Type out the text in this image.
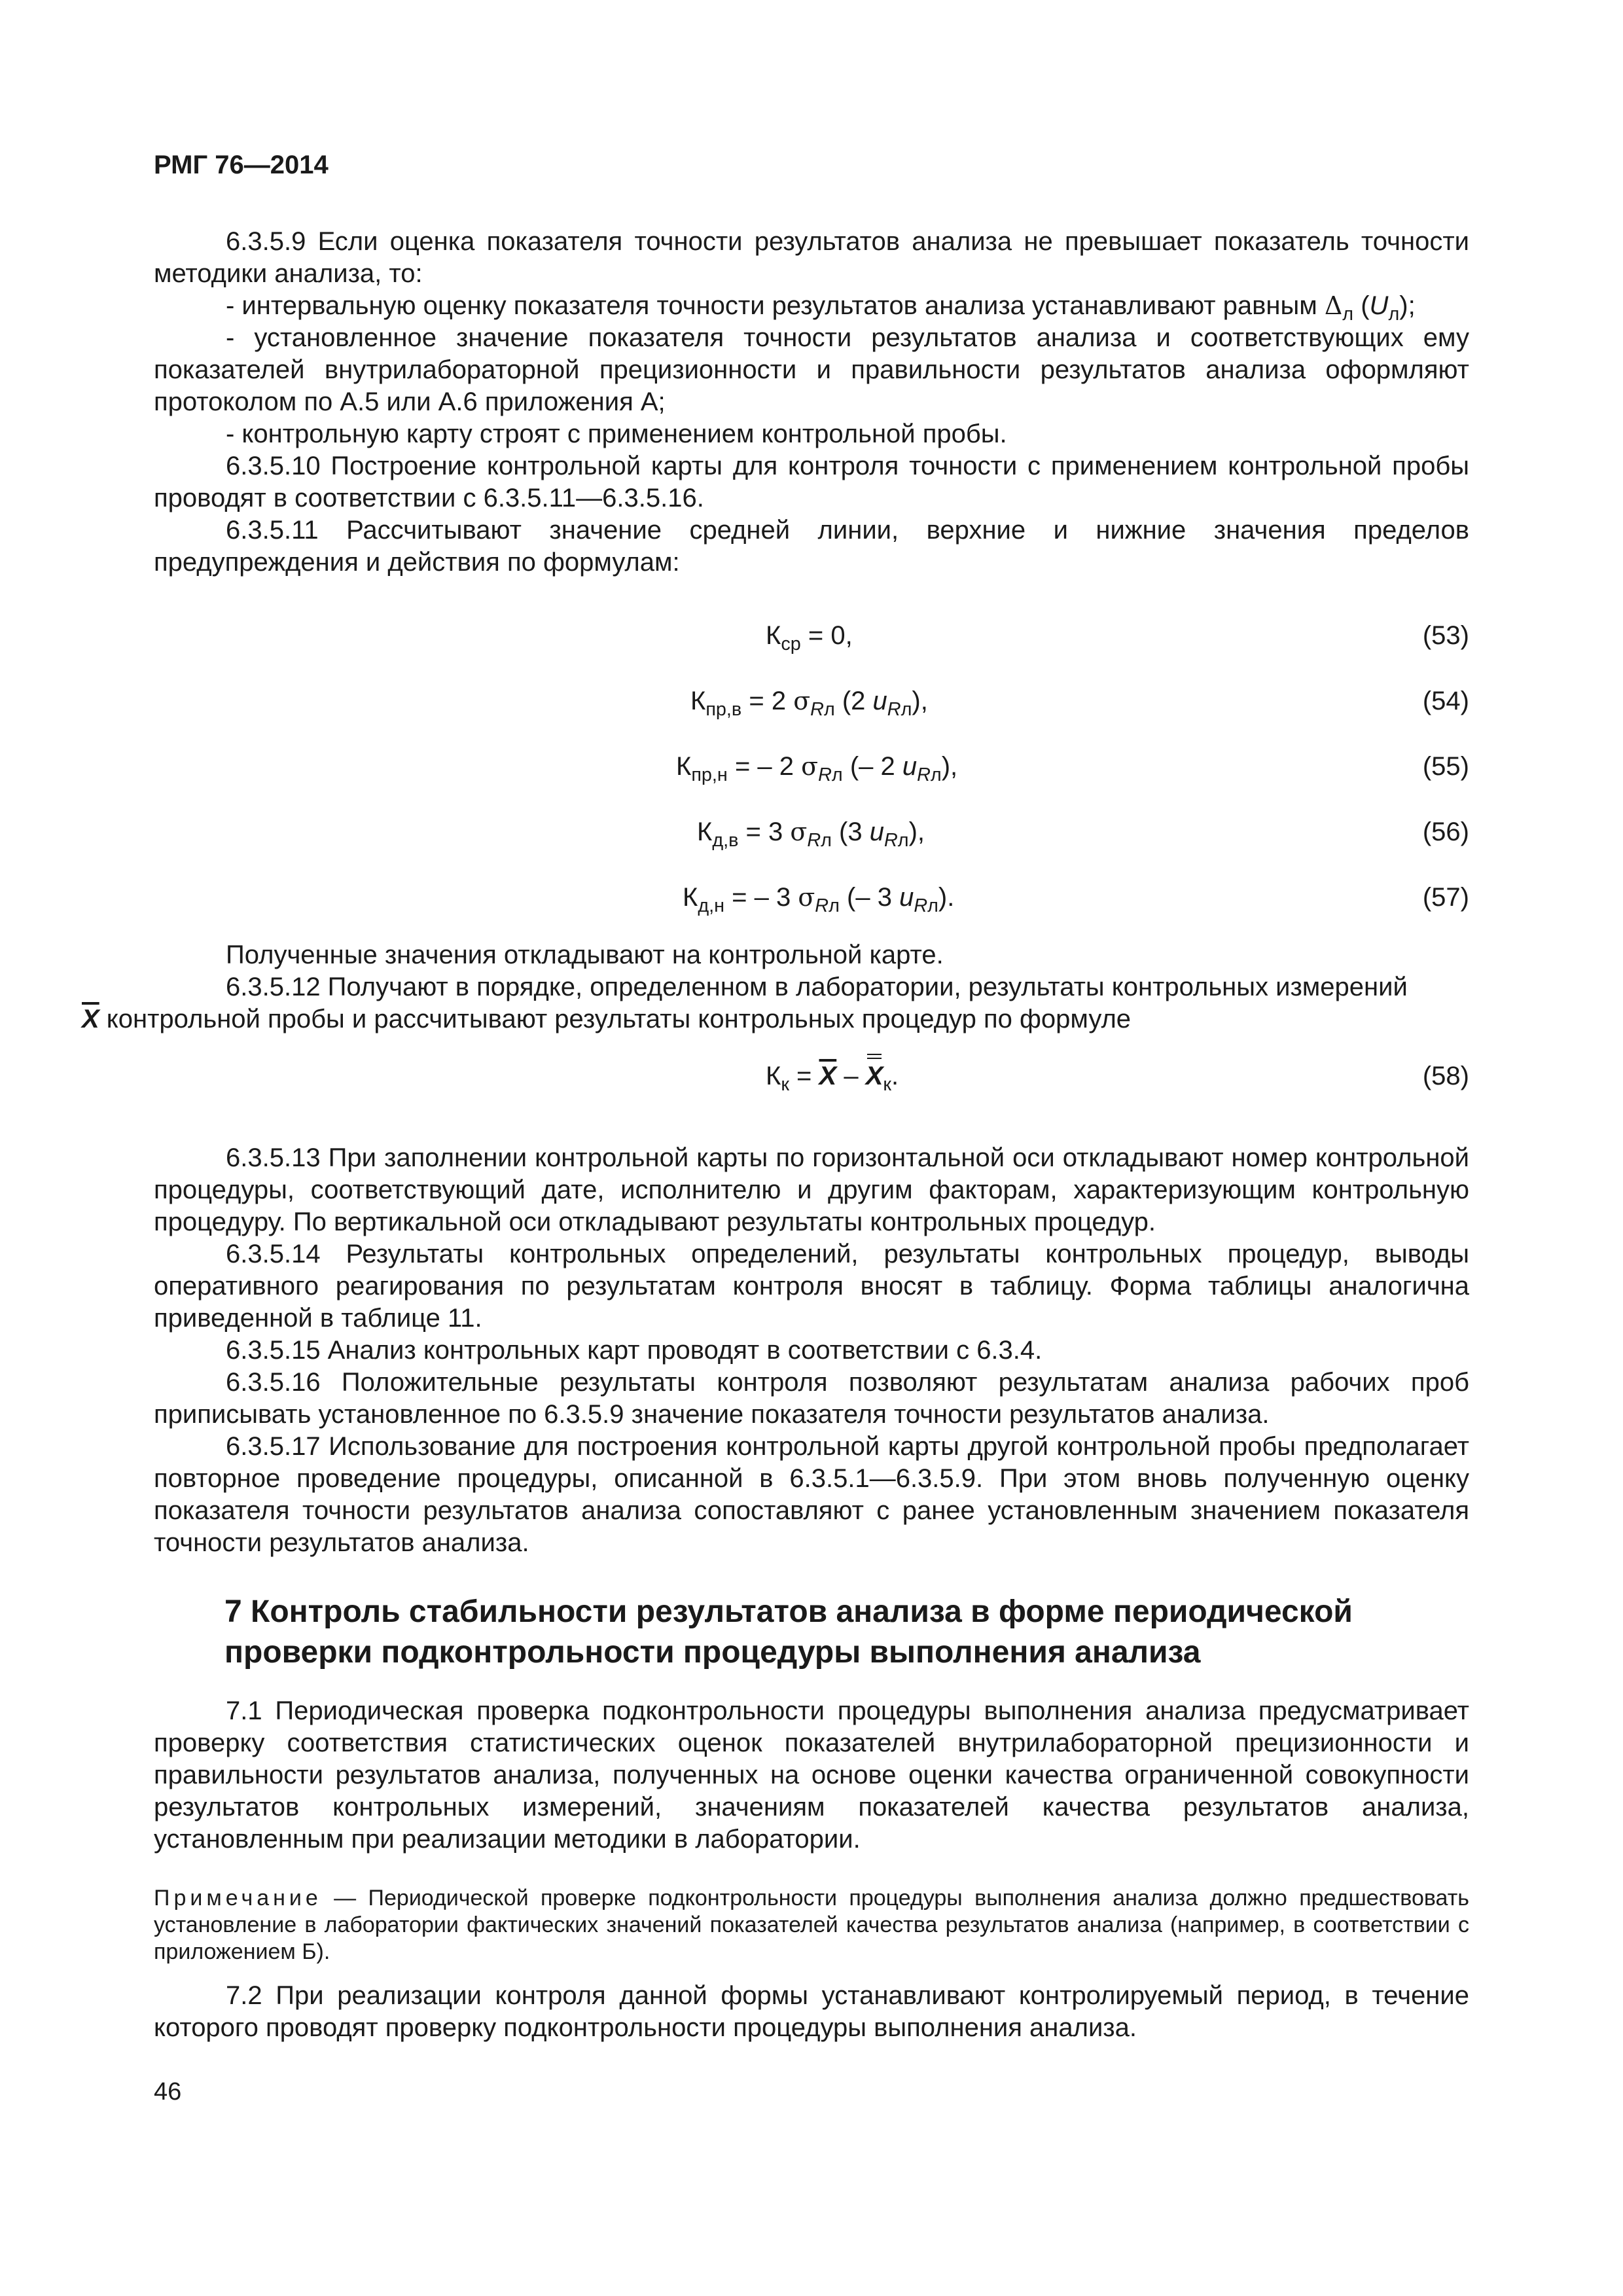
РМГ 76—2014

6.3.5.9 Если оценка показателя точности результатов анализа не превышает показатель точности методики анализа, то:

- интервальную оценку показателя точности результатов анализа устанавливают равным $\Delta_л$ $(U_л)$;

- установленное значение показателя точности результатов анализа и соответствующих ему показателей внутрилабораторной прецизионности и правильности результатов анализа оформляют протоколом по А.5 или А.6 приложения А;

- контрольную карту строят с применением контрольной пробы.

6.3.5.10 Построение контрольной карты для контроля точности с применением контрольной пробы проводят в соответствии с 6.3.5.11—6.3.5.16.

6.3.5.11 Рассчитывают значение средней линии, верхние и нижние значения пределов предупреждения и действия по формулам:

$К_{ср} = 0$,	(53)
$К_{пр,в} = 2$ $\sigma_{Rл}$ (2 $u_{Rл}$),	(54)
$К_{пр,н}$ = – 2 $\sigma_{Rл}$ (– 2 $u_{Rл}$),	(55)
$К_{д,в} = 3$ $\sigma_{Rл}$ (3 $u_{Rл}$),	(56)
$К_{д,н}$ = – 3 $\sigma_{Rл}$ (– 3 $u_{Rл}$).	(57)

Полученные значения откладывают на контрольной карте.

6.3.5.12 Получают в порядке, определенном в лаборатории, результаты контрольных измерений
$\overline{X}$ контрольной пробы и рассчитывают результаты контрольных процедур по формуле

$К_к = \overline{X} - X_к$.	(58)

6.3.5.13 При заполнении контрольной карты по горизонтальной оси откладывают номер контрольной процедуры, соответствующий дате, исполнителю и другим факторам, характеризующим контрольную процедуру. По вертикальной оси откладывают результаты контрольных процедур.

6.3.5.14 Результаты контрольных определений, результаты контрольных процедур, выводы оперативного реагирования по результатам контроля вносят в таблицу. Форма таблицы аналогична приведенной в таблице 11.

6.3.5.15 Анализ контрольных карт проводят в соответствии с 6.3.4.

6.3.5.16 Положительные результаты контроля позволяют результатам анализа рабочих проб приписывать установленное по 6.3.5.9 значение показателя точности результатов анализа.

6.3.5.17 Использование для построения контрольной карты другой контрольной пробы предполагает повторное проведение процедуры, описанной в 6.3.5.1—6.3.5.9. При этом вновь полученную оценку показателя точности результатов анализа сопоставляют с ранее установленным значением показателя точности результатов анализа.

7 Контроль стабильности результатов анализа в форме периодической
проверки подконтрольности процедуры выполнения анализа

7.1 Периодическая проверка подконтрольности процедуры выполнения анализа предусматривает проверку соответствия статистических оценок показателей внутрилабораторной прецизионности и правильности результатов анализа, полученных на основе оценки качества ограниченной совокупности результатов контрольных измерений, значениям показателей качества результатов анализа, установленным при реализации методики в лаборатории.

Примечание — Периодической проверке подконтрольности процедуры выполнения анализа должно предшествовать установление в лаборатории фактических значений показателей качества результатов анализа (например, в соответствии с приложением Б).

7.2 При реализации контроля данной формы устанавливают контролируемый период, в течение которого проводят проверку подконтрольности процедуры выполнения анализа.

46
